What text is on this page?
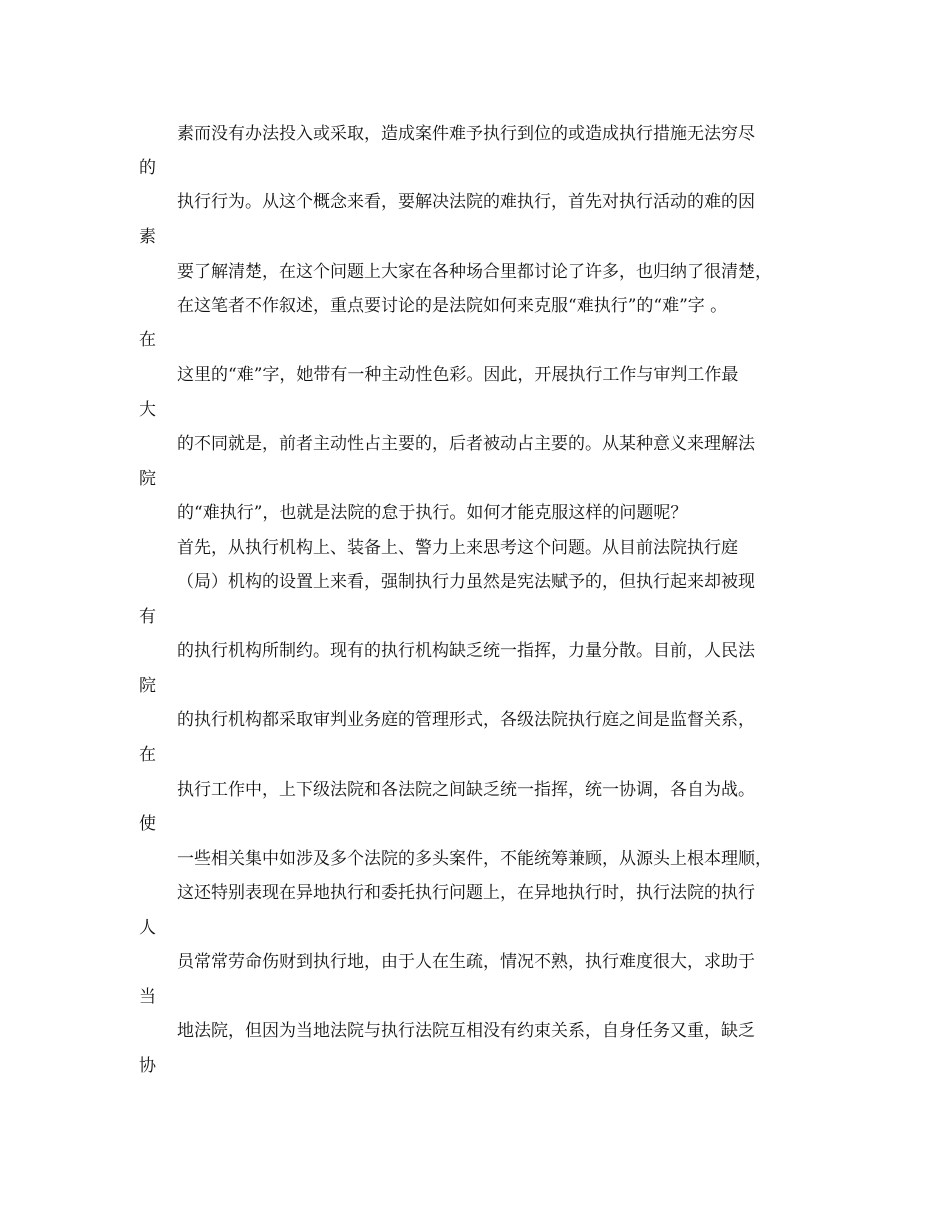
素而没有办法投入或采取，造成案件难予执行到位的或造成执行措施无法穷尽
的
执行行为。从这个概念来看，要解决法院的难执行，首先对执行活动的难的因
素
要了解清楚，在这个问题上大家在各种场合里都讨论了许多，也归纳了很清楚，
在这笔者不作叙述，重点要讨论的是法院如何来克服“难执行”的“难”字 。
在
这里的“难”字，她带有一种主动性色彩。因此，开展执行工作与审判工作最
大
的不同就是，前者主动性占主要的，后者被动占主要的。从某种意义来理解法
院
的“难执行”，也就是法院的怠于执行。如何才能克服这样的问题呢？
首先，从执行机构上、装备上、警力上来思考这个问题。从目前法院执行庭
（局）机构的设置上来看，强制执行力虽然是宪法赋予的，但执行起来却被现
有
的执行机构所制约。现有的执行机构缺乏统一指挥，力量分散。目前，人民法
院
的执行机构都采取审判业务庭的管理形式，各级法院执行庭之间是监督关系，
在
执行工作中，上下级法院和各法院之间缺乏统一指挥，统一协调，各自为战。
使
一些相关集中如涉及多个法院的多头案件，不能统筹兼顾，从源头上根本理顺，
这还特别表现在异地执行和委托执行问题上，在异地执行时，执行法院的执行
人
员常常劳命伤财到执行地，由于人在生疏，情况不熟，执行难度很大，求助于
当
地法院，但因为当地法院与执行法院互相没有约束关系，自身任务又重，缺乏
协
